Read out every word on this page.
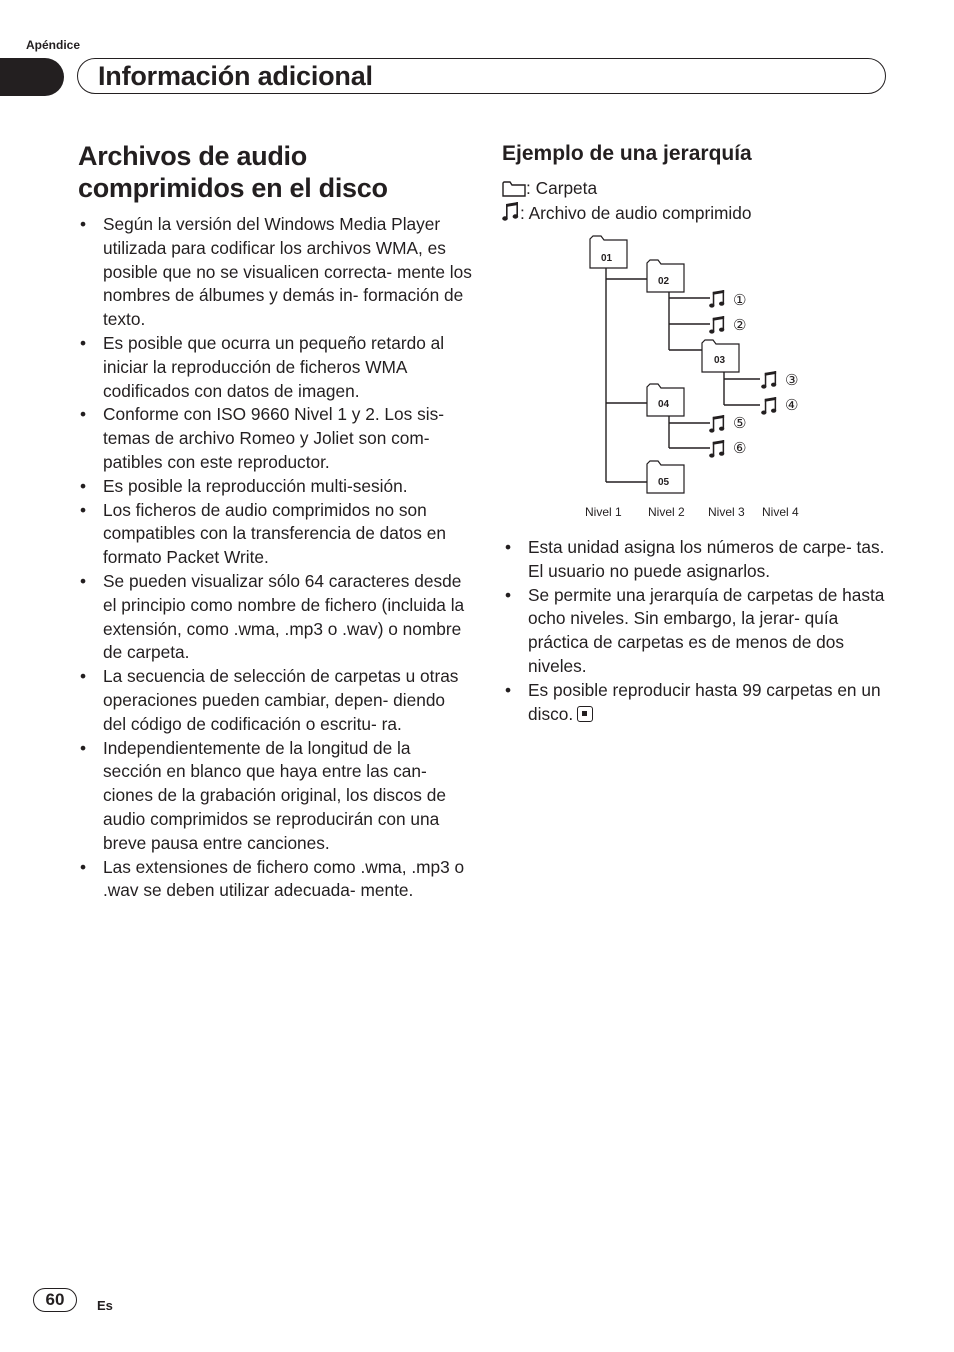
Apéndice
Información adicional
Archivos de audio comprimidos en el disco
• Según la versión del Windows Media Player utilizada para codificar los archivos WMA, es posible que no se visualicen correcta- mente los nombres de álbumes y demás in- formación de texto.
• Es posible que ocurra un pequeño retardo al iniciar la reproducción de ficheros WMA codificados con datos de imagen.
• Conforme con ISO 9660 Nivel 1 y 2. Los sis- temas de archivo Romeo y Joliet son com- patibles con este reproductor.
• Es posible la reproducción multi-sesión.
• Los ficheros de audio comprimidos no son compatibles con la transferencia de datos en formato Packet Write.
• Se pueden visualizar sólo 64 caracteres desde el principio como nombre de fichero (incluida la extensión, como .wma, .mp3 o .wav) o nombre de carpeta.
• La secuencia de selección de carpetas u otras operaciones pueden cambiar, depen- diendo del código de codificación o escritu- ra.
• Independientemente de la longitud de la sección en blanco que haya entre las can- ciones de la grabación original, los discos de audio comprimidos se reproducirán con una breve pausa entre canciones.
• Las extensiones de fichero como .wma, .mp3 o .wav se deben utilizar adecuada- mente.
Ejemplo de una jerarquía
: Carpeta
: Archivo de audio comprimido
01
02
03
04
05
①
②
③
④
⑤
⑥
Nivel 1 Nivel 2 Nivel 3 Nivel 4
• Esta unidad asigna los números de carpe- tas. El usuario no puede asignarlos.
• Se permite una jerarquía de carpetas de hasta ocho niveles. Sin embargo, la jerar- quía práctica de carpetas es de menos de dos niveles.
• Es posible reproducir hasta 99 carpetas en un disco.
60	Es
